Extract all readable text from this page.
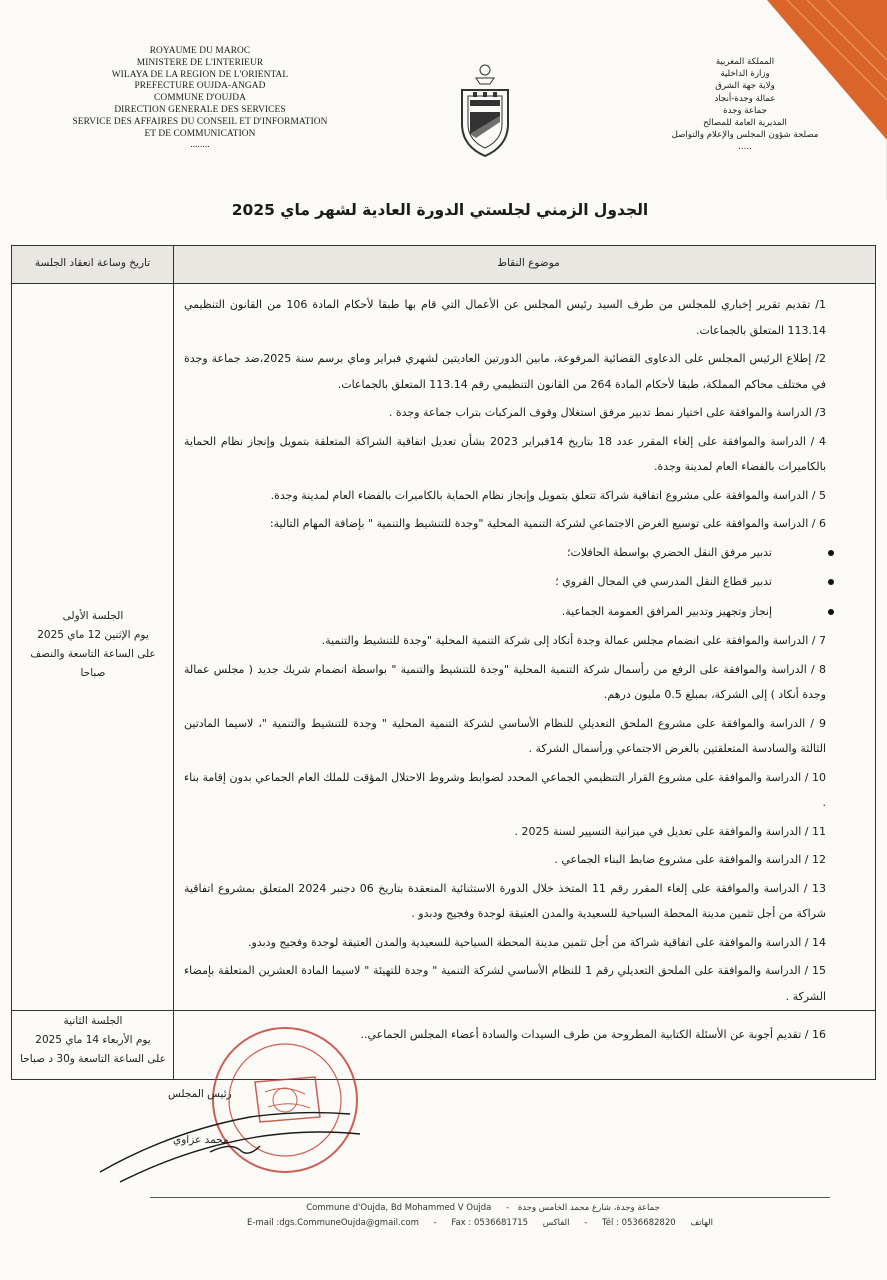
ROYAUME DU MAROC
MINISTERE DE L'INTERIEUR
WILAYA DE LA REGION DE L'ORIENTAL
PREFECTURE OUJDA-ANGAD
COMMUNE D'OUJDA
DIRECTION GENERALE DES SERVICES
SERVICE DES AFFAIRES DU CONSEIL ET D'INFORMATION
ET DE COMMUNICATION
........
المملكة المغربية
وزارة الداخلية
ولاية جهة الشرق
عمالة وجدة-أنجاد
جماعة وجدة
المديرية العامة للمصالح
مصلحة شؤون المجلس والإعلام والتواصل
.....
الجدول الزمني لجلستي الدورة العادية لشهر ماي 2025
موضوع النقاط
تاريخ وساعة انعقاد الجلسة
1/ تقديم تقرير إخباري للمجلس من طرف السيد رئيس المجلس عن الأعمال التي قام بها طبقا لأحكام المادة 106 من القانون التنظيمي 113.14 المتعلق بالجماعات.
2/ إطلاع الرئيس المجلس على الدعاوى القضائية المرفوعة، مابين الدورتين العاديتين لشهري فبراير وماي برسم سنة 2025،ضد جماعة وجدة في مختلف محاكم المملكة، طبقا لأحكام المادة 264 من القانون التنظيمي رقم 113.14 المتعلق بالجماعات.
3/ الدراسة والموافقة على اختيار نمط تدبير مرفق استغلال وقوف المركبات بتراب جماعة وجدة .
4 / الدراسة والموافقة على إلغاء المقرر عدد 18 بتاريخ 14فبراير 2023 بشأن تعديل اتفاقية الشراكة المتعلقة بتمويل وإنجاز نظام الحماية بالكاميرات بالفضاء العام لمدينة وجدة.
5 / الدراسة والموافقة على مشروع اتفاقية شراكة تتعلق بتمويل وإنجاز نظام الحماية بالكاميرات بالفضاء العام لمدينة وجدة.
6 / الدراسة والموافقة على توسيع الغرض الاجتماعي لشركة التنمية المحلية "وجدة للتنشيط والتنمية " بإضافة المهام التالية:
تدبير مرفق النقل الحضري بواسطة الحافلات؛
تدبير قطاع النقل المدرسي في المجال القروي ؛
إنجاز وتجهيز وتدبير المرافق العمومة الجماعية.
7 / الدراسة والموافقة على انضمام مجلس عمالة وجدة أنكاد إلى شركة التنمية المحلية "وجدة للتنشيط والتنمية.
8 / الدراسة والموافقة على الرفع من رأسمال شركة التنمية المحلية "وجدة للتنشيط والتنمية " بواسطة انضمام شريك جديد ( مجلس عمالة وجدة أنكاد ) إلى الشركة، بمبلغ 0.5 مليون درهم.
9 / الدراسة والموافقة على مشروع الملحق التعديلي للنظام الأساسي لشركة التنمية المحلية " وجدة للتنشيط والتنمية "، لاسيما المادتين الثالثة والسادسة المتعلقتين بالغرض الاجتماعي ورأسمال الشركة .
10 / الدراسة والموافقة على مشروع القرار التنظيمي الجماعي المحدد لضوابط وشروط الاحتلال المؤقت للملك العام الجماعي بدون إقامة بناء .
11 / الدراسة والموافقة على تعديل في ميزانية التسيير لسنة 2025 .
12 / الدراسة والموافقة على مشروع ضابط البناء الجماعي .
13 / الدراسة والموافقة على إلغاء المقرر رقم 11 المتخذ خلال الدورة الاستثنائية المنعقدة بتاريخ 06 دجنبر 2024 المتعلق بمشروع اتفاقية شراكة من أجل تثمين مدينة المحطة السياحية للسعيدية والمدن العتيقة لوجدة وفجيج ودبدو .
14 / الدراسة والموافقة على اتفاقية شراكة من أجل تثمين مدينة المحطة السياحية للسعيدية والمدن العتيقة لوجدة وفجيج ودبدو.
15 / الدراسة والموافقة على الملحق التعديلي رقم 1 للنظام الأساسي لشركة التنمية " وجدة للتهيئة " لاسيما المادة العشرين المتعلقة بإمضاء الشركة .
الجلسة الأولى
يوم الإثنين 12 ماي 2025
على الساعة التاسعة والنصف
صباحا
الجلسة الثانية
يوم الأربعاء 14 ماي 2025
على الساعة التاسعة و30 د صباحا
16 / تقديم أجوبة عن الأسئلة الكتابية المطروحة من طرف السيدات والسادة أعضاء المجلس الجماعي..
رئيس المجلس
محمد عزاوي
Commune d'Oujda, Bd Mohammed V Oujda - جماعة وجدة، شارع محمد الخامس وجدة
E-mail :dgs.CommuneOujda@gmail.com - Fax : 0536681715 الفاكس - Tél : 0536682820 الهاتف
